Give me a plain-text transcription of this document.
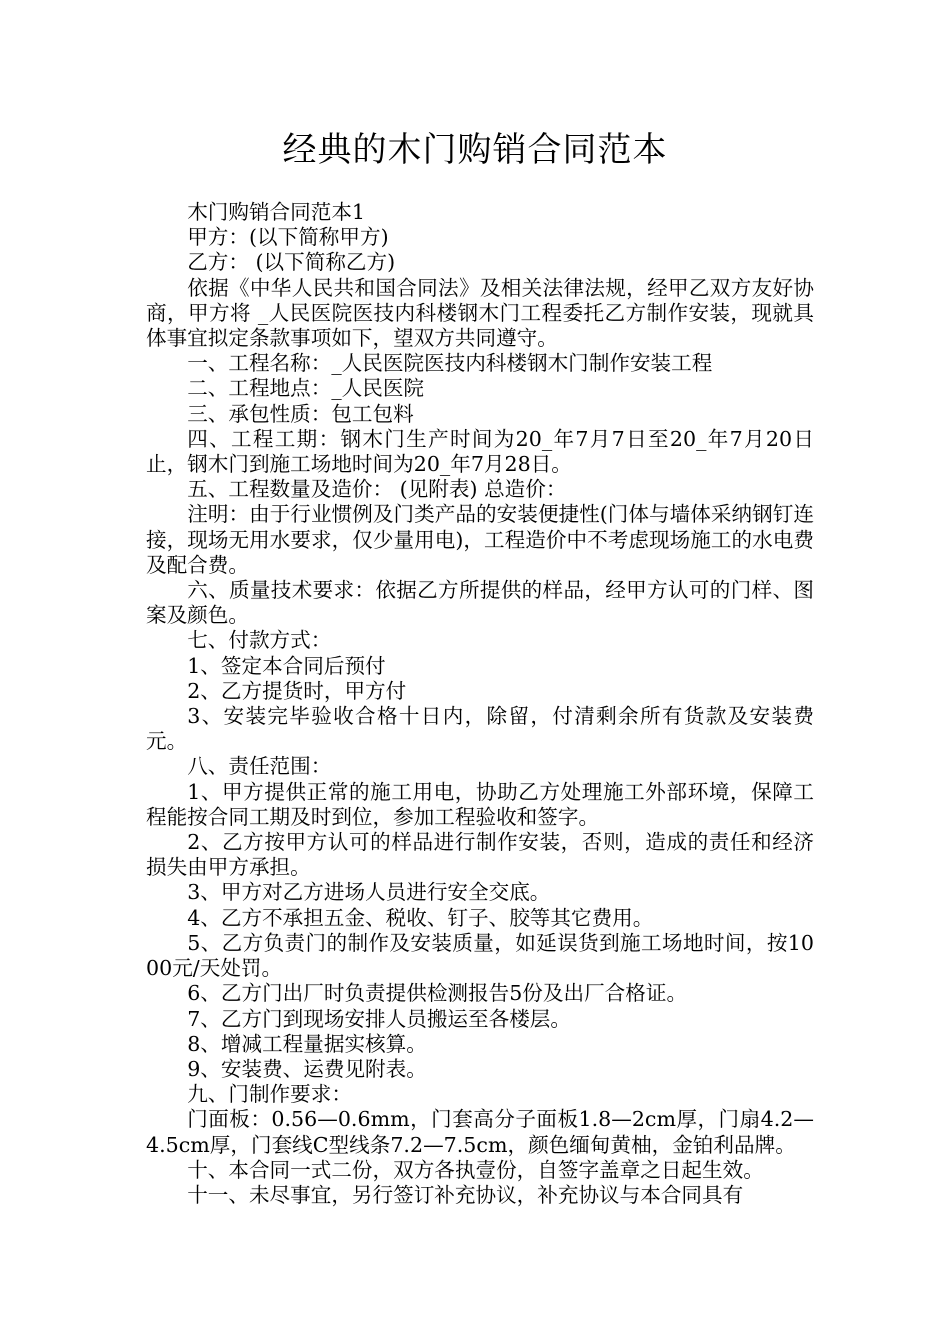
经典的木门购销合同范本

木门购销合同范本1

甲方：(以下简称甲方)

乙方： (以下简称乙方)

依据《中华人民共和国合同法》及相关法律法规，经甲乙双方友好协商，甲方将 _人民医院医技内科楼钢木门工程委托乙方制作安装，现就具体事宜拟定条款事项如下，望双方共同遵守。

一、工程名称：_人民医院医技内科楼钢木门制作安装工程

二、工程地点：_人民医院

三、承包性质：包工包料

四、工程工期：钢木门生产时间为20_年7月7日至20_年7月20日止，钢木门到施工场地时间为20_年7月28日。

五、工程数量及造价： (见附表) 总造价：

注明：由于行业惯例及门类产品的安装便捷性(门体与墙体采纳钢钉连接，现场无用水要求，仅少量用电)，工程造价中不考虑现场施工的水电费及配合费。

六、质量技术要求：依据乙方所提供的样品，经甲方认可的门样、图案及颜色。

七、付款方式：

1、签定本合同后预付

2、乙方提货时，甲方付

3、安装完毕验收合格十日内，除留，付清剩余所有货款及安装费 元。

八、责任范围：

1、甲方提供正常的施工用电，协助乙方处理施工外部环境，保障工程能按合同工期及时到位，参加工程验收和签字。

2、乙方按甲方认可的样品进行制作安装，否则，造成的责任和经济损失由甲方承担。

3、甲方对乙方进场人员进行安全交底。

4、乙方不承担五金、税收、钉子、胶等其它费用。

5、乙方负责门的制作及安装质量，如延误货到施工场地时间，按1000元/天处罚。

6、乙方门出厂时负责提供检测报告5份及出厂合格证。

7、乙方门到现场安排人员搬运至各楼层。

8、增减工程量据实核算。

9、安装费、运费见附表。

九、门制作要求：

门面板：0.56—0.6mm，门套高分子面板1.8—2cm厚，门扇4.2—4.5cm厚，门套线C型线条7.2—7.5cm，颜色缅甸黄柚，金铂利品牌。

十、本合同一式二份，双方各执壹份，自签字盖章之日起生效。

十一、未尽事宜，另行签订补充协议，补充协议与本合同具有
